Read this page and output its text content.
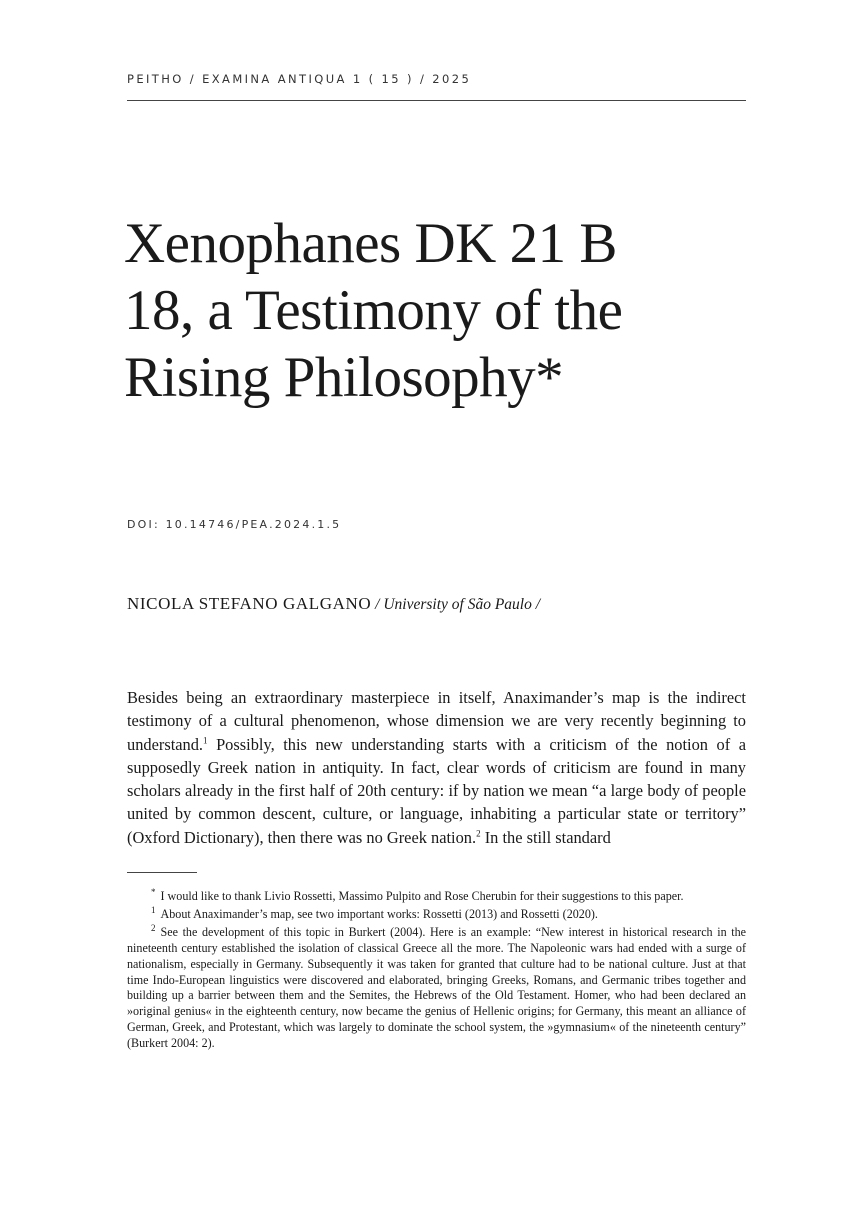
PEITHO / EXAMINA ANTIQUA 1 ( 15 ) / 2025
Xenophanes DK 21 B
18, a Testimony of the
Rising Philosophy*
DOI: 10.14746/PEA.2024.1.5
NICOLA STEFANO GALGANO / University of São Paulo /

Besides being an extraordinary masterpiece in itself, Anaximander’s map is the indirect testimony of a cultural phenomenon, whose dimension we are very recently beginning to understand.$^1$ Possibly, this new understanding starts with a criticism of the notion of a supposedly Greek nation in antiquity. In fact, clear words of criticism are found in many scholars already in the first half of 20th century: if by nation we mean “a large body of people united by common descent, culture, or language, inhabiting a particular state or territory” (Oxford Dictionary), then there was no Greek nation.$^2$ In the still standard

* I would like to thank Livio Rossetti, Massimo Pulpito and Rose Cherubin for their suggestions to this paper.

$^1$ About Anaximander’s map, see two important works: Rossetti (2013) and Rossetti (2020).

$^2$ See the development of this topic in Burkert (2004). Here is an example: “New interest in historical research in the nineteenth century established the isolation of classical Greece all the more. The Napoleonic wars had ended with a surge of nationalism, especially in Germany. Subsequently it was taken for granted that culture had to be national culture. Just at that time Indo-European linguistics were discovered and elaborated, bringing Greeks, Romans, and Germanic tribes together and building up a barrier between them and the Semites, the Hebrews of the Old Testament. Homer, who had been declared an »original genius« in the eighteenth century, now became the genius of Hellenic origins; for Germany, this meant an alliance of German, Greek, and Protestant, which was largely to dominate the school system, the »gymnasium« of the nineteenth century” (Burkert 2004: 2).
